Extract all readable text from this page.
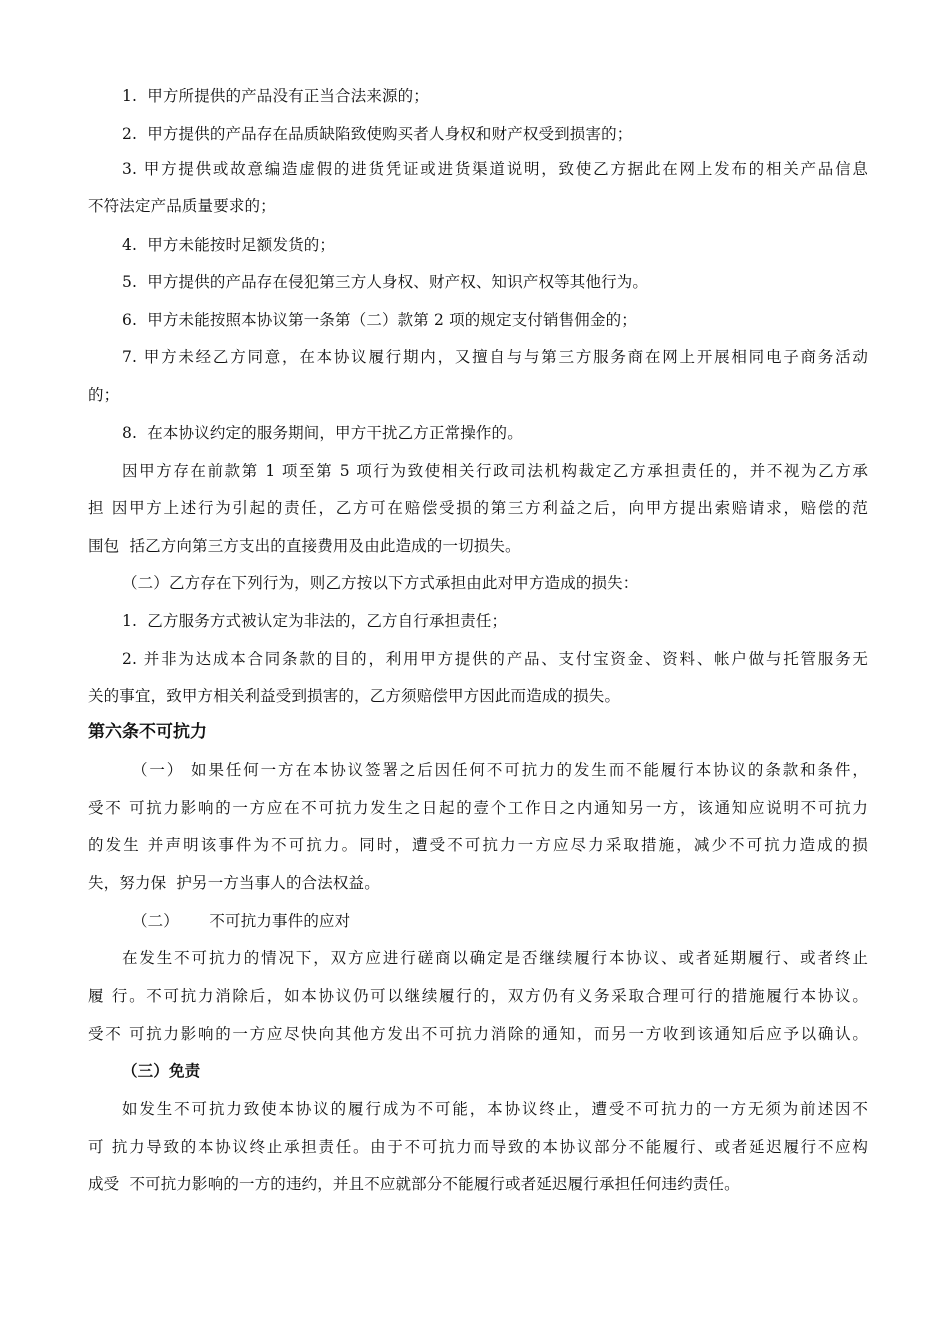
1.  甲方所提供的产品没有正当合法来源的；
2.  甲方提供的产品存在品质缺陷致使购买者人身权和财产权受到损害的；
3. 甲方提供或故意编造虚假的进货凭证或进货渠道说明，致使乙方据此在网上发布的相关产品信息
不符法定产品质量要求的；
4.  甲方未能按时足额发货的；
5.  甲方提供的产品存在侵犯第三方人身权、财产权、知识产权等其他行为。
6.  甲方未能按照本协议第一条第（二）款第 2 项的规定支付销售佣金的；
7. 甲方未经乙方同意，在本协议履行期内，又擅自与与第三方服务商在网上开展相同电子商务活动
的；
8.  在本协议约定的服务期间，甲方干扰乙方正常操作的。
因甲方存在前款第 1 项至第 5 项行为致使相关行政司法机构裁定乙方承担责任的，并不视为乙方承
担 因甲方上述行为引起的责任，乙方可在赔偿受损的第三方利益之后，向甲方提出索赔请求，赔偿的范
围包  括乙方向第三方支出的直接费用及由此造成的一切损失。
（二）乙方存在下列行为，则乙方按以下方式承担由此对甲方造成的损失：
1.  乙方服务方式被认定为非法的，乙方自行承担责任；
2. 并非为达成本合同条款的目的，利用甲方提供的产品、支付宝资金、资料、帐户做与托管服务无
关的事宜，致甲方相关利益受到损害的，乙方须赔偿甲方因此而造成的损失。
第六条不可抗力
（一） 如果任何一方在本协议签署之后因任何不可抗力的发生而不能履行本协议的条款和条件，
受不 可抗力影响的一方应在不可抗力发生之日起的壹个工作日之内通知另一方，该通知应说明不可抗力
的发生 并声明该事件为不可抗力。同时，遭受不可抗力一方应尽力采取措施，减少不可抗力造成的损
失，努力保  护另一方当事人的合法权益。
（二）      不可抗力事件的应对
在发生不可抗力的情况下，双方应进行磋商以确定是否继续履行本协议、或者延期履行、或者终止
履 行。不可抗力消除后，如本协议仍可以继续履行的，双方仍有义务采取合理可行的措施履行本协议。
受不 可抗力影响的一方应尽快向其他方发出不可抗力消除的通知，而另一方收到该通知后应予以确认。
（三）免责
如发生不可抗力致使本协议的履行成为不可能，本协议终止，遭受不可抗力的一方无须为前述因不
可 抗力导致的本协议终止承担责任。由于不可抗力而导致的本协议部分不能履行、或者延迟履行不应构
成受  不可抗力影响的一方的违约，并且不应就部分不能履行或者延迟履行承担任何违约责任。
